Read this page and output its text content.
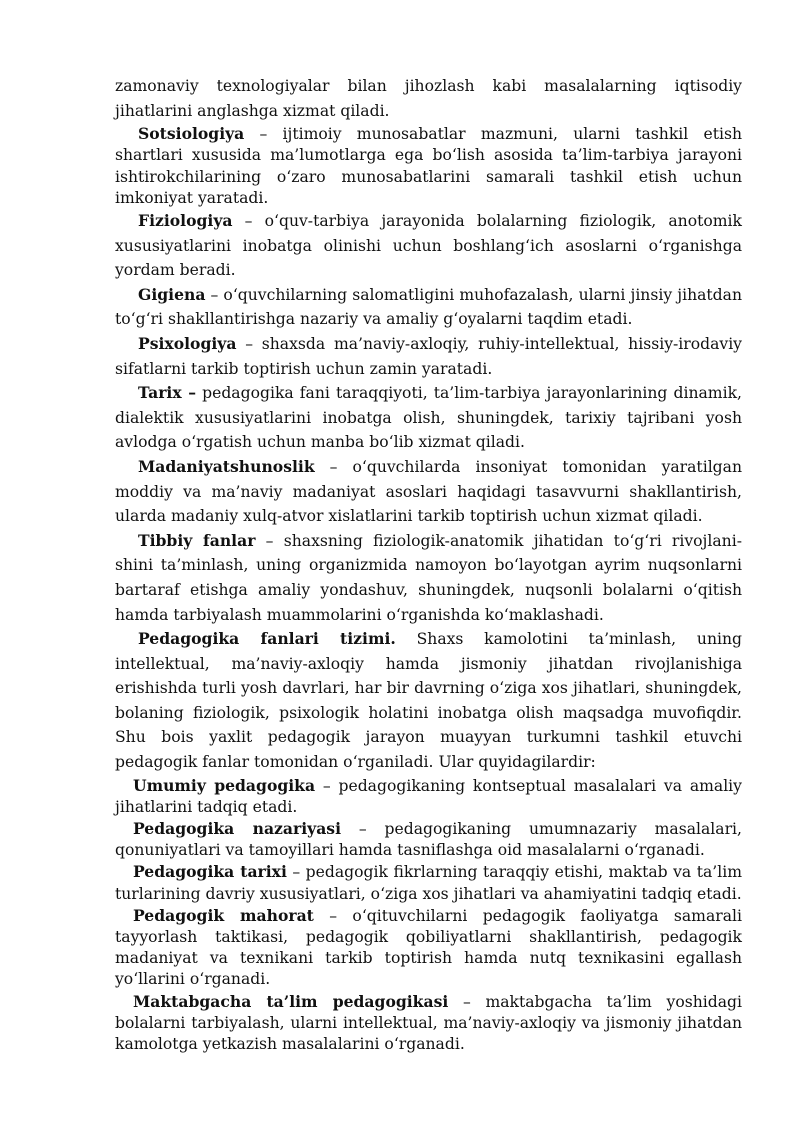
zamonaviy texnologiyalar bilan jihozlash kabi masalalarning iqtisodiy jihatlarini anglashga xizmat qiladi.

Sotsiologiya – ijtimoiy munosabatlar mazmuni, ularni tashkil etish shartlari xususida ma’lumotlarga ega bo‘lish asosida ta’lim-tarbiya jarayoni ishtirokchilarining o‘zaro munosabatlarini samarali tashkil etish uchun imkoniyat yaratadi.

Fiziologiya – o‘quv-tarbiya jarayonida bolalarning fiziologik, anotomik xususiyatlarini inobatga olinishi uchun boshlang‘ich asoslarni o‘rganishga yordam beradi.

Gigiena – o‘quvchilarning salomatligini muhofazalash, ularni jinsiy jihatdan to‘g‘ri shakllantirishga nazariy va amaliy g‘oyalarni taqdim etadi.

Psixologiya – shaxsda ma’naviy-axloqiy, ruhiy-intellektual, hissiy-irodaviy sifatlarni tarkib toptirish uchun zamin yaratadi.

Tarix – pedagogika fani taraqqiyoti, ta’lim-tarbiya jarayonlarining dinamik, dialektik xususiyatlarini inobatga olish, shuningdek, tarixiy tajribani yosh avlodga o‘rgatish uchun manba bo‘lib xizmat qiladi.

Madaniyatshunoslik – o‘quvchilarda insoniyat tomonidan yaratilgan moddiy va ma’naviy madaniyat asoslari haqidagi tasavvurni shakllantirish, ularda madaniy xulq-atvor xislatlarini tarkib toptirish uchun xizmat qiladi.

Tibbiy fanlar – shaxsning fiziologik-anatomik jihatidan to‘g‘ri rivojlani-shini ta’minlash, uning organizmida namoyon bo‘layotgan ayrim nuqsonlarni bartaraf etishga amaliy yondashuv, shuningdek, nuqsonli bolalarni o‘qitish hamda tarbiyalash muammolarini o‘rganishda ko‘maklashadi.

Pedagogika fanlari tizimi. Shaxs kamolotini ta’minlash, uning intellektual, ma’naviy-axloqiy hamda jismoniy jihatdan rivojlanishiga erishishda turli yosh davrlari, har bir davrning o‘ziga xos jihatlari, shuningdek, bolaning fiziologik, psixologik holatini inobatga olish maqsadga muvofiqdir. Shu bois yaxlit pedagogik jarayon muayyan turkumni tashkil etuvchi pedagogik fanlar tomonidan o‘rganiladi. Ular quyidagilardir:

Umumiy pedagogika – pedagogikaning kontseptual masalalari va amaliy jihatlarini tadqiq etadi.

Pedagogika nazariyasi – pedagogikaning umumnazariy masalalari, qonuniyatlari va tamoyillari hamda tasniflashga oid masalalarni o‘rganadi.

Pedagogika tarixi – pedagogik fikrlarning taraqqiy etishi, maktab va ta’lim turlarining davriy xususiyatlari, o‘ziga xos jihatlari va ahamiyatini tadqiq etadi.

Pedagogik mahorat – o‘qituvchilarni pedagogik faoliyatga samarali tayyorlash taktikasi, pedagogik qobiliyatlarni shakllantirish, pedagogik madaniyat va texnikani tarkib toptirish hamda nutq texnikasini egallash yo‘llarini o‘rganadi.

Maktabgacha ta’lim pedagogikasi – maktabgacha ta’lim yoshidagi bolalarni tarbiyalash, ularni intellektual, ma’naviy-axloqiy va jismoniy jihatdan kamolotga yetkazish masalalarini o‘rganadi.
